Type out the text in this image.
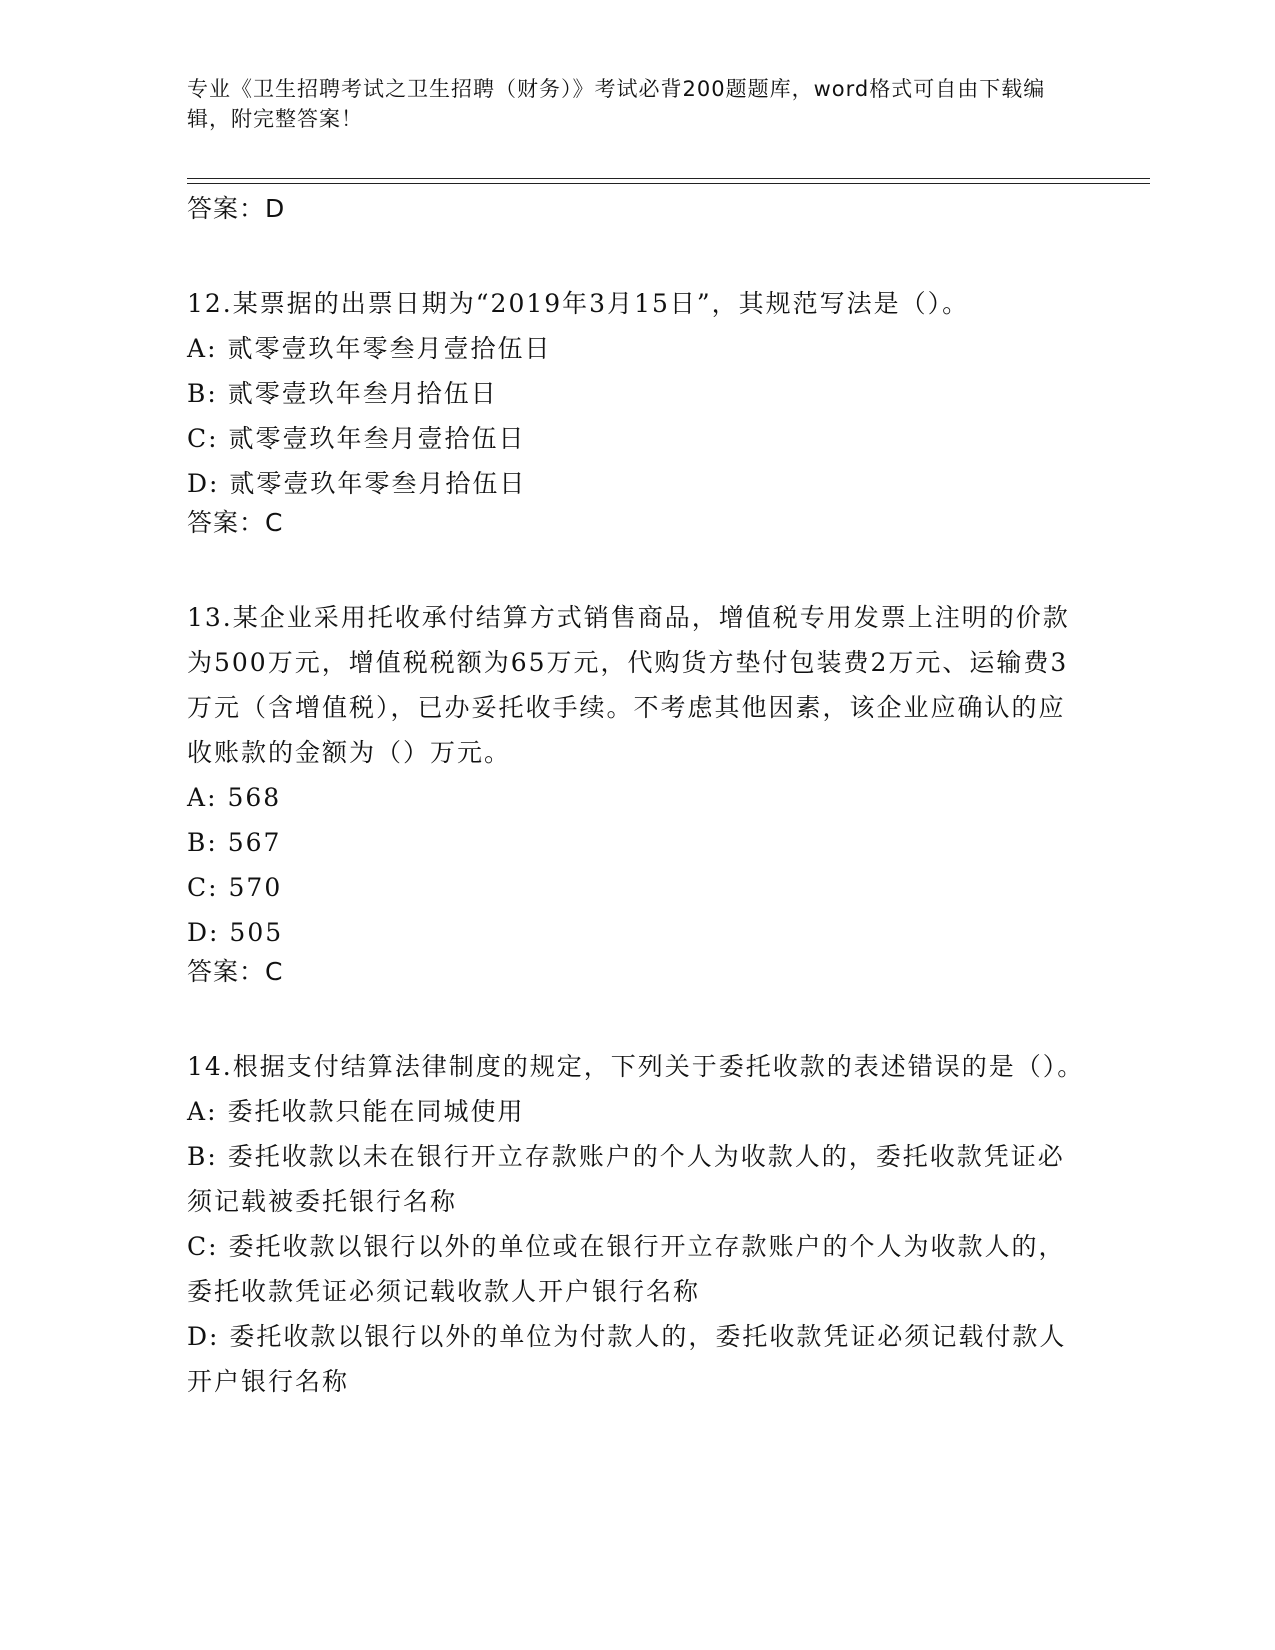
专业《卫生招聘考试之卫生招聘（财务）》考试必背200题题库，word格式可自由下载编辑，附完整答案！

答案：D

12.某票据的出票日期为“2019年3月15日”，其规范写法是（）。

A: 贰零壹玖年零叁月壹拾伍日

B: 贰零壹玖年叁月拾伍日

C: 贰零壹玖年叁月壹拾伍日

D: 贰零壹玖年零叁月拾伍日

答案：C

13.某企业采用托收承付结算方式销售商品，增值税专用发票上注明的价款为500万元，增值税税额为65万元，代购货方垫付包装费2万元、运输费3万元（含增值税），已办妥托收手续。不考虑其他因素，该企业应确认的应收账款的金额为（）万元。

A: 568

B: 567

C: 570

D: 505

答案：C

14.根据支付结算法律制度的规定，下列关于委托收款的表述错误的是（）。

A: 委托收款只能在同城使用

B: 委托收款以未在银行开立存款账户的个人为收款人的，委托收款凭证必须记载被委托银行名称

C: 委托收款以银行以外的单位或在银行开立存款账户的个人为收款人的，委托收款凭证必须记载收款人开户银行名称

D: 委托收款以银行以外的单位为付款人的，委托收款凭证必须记载付款人开户银行名称
